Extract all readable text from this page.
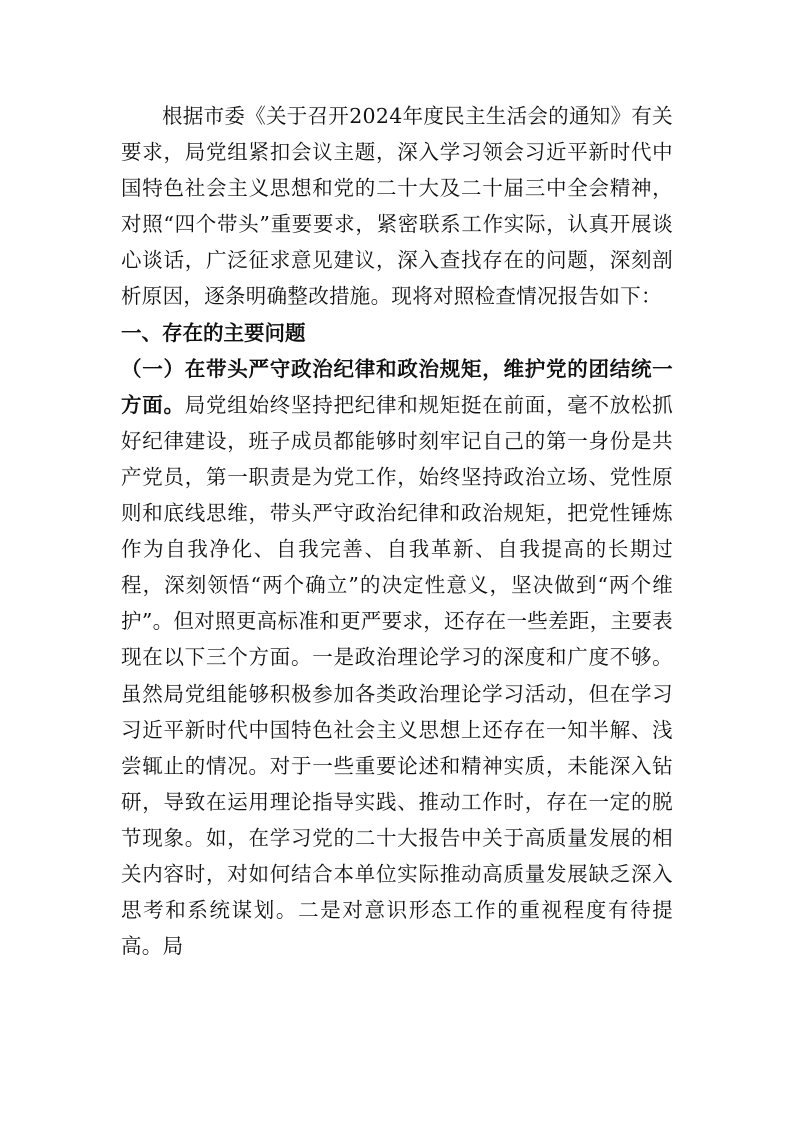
根据市委《关于召开2024年度民主生活会的通知》有关要求，局党组紧扣会议主题，深入学习领会习近平新时代中国特色社会主义思想和党的二十大及二十届三中全会精神，对照“四个带头”重要要求，紧密联系工作实际，认真开展谈心谈话，广泛征求意见建议，深入查找存在的问题，深刻剖析原因，逐条明确整改措施。现将对照检查情况报告如下：

一、存在的主要问题

（一）在带头严守政治纪律和政治规矩，维护党的团结统一方面。局党组始终坚持把纪律和规矩挺在前面，毫不放松抓好纪律建设，班子成员都能够时刻牢记自己的第一身份是共产党员，第一职责是为党工作，始终坚持政治立场、党性原则和底线思维，带头严守政治纪律和政治规矩，把党性锤炼作为自我净化、自我完善、自我革新、自我提高的长期过程，深刻领悟“两个确立”的决定性意义，坚决做到“两个维护”。但对照更高标准和更严要求，还存在一些差距，主要表现在以下三个方面。一是政治理论学习的深度和广度不够。虽然局党组能够积极参加各类政治理论学习活动，但在学习习近平新时代中国特色社会主义思想上还存在一知半解、浅尝辄止的情况。对于一些重要论述和精神实质，未能深入钻研，导致在运用理论指导实践、推动工作时，存在一定的脱节现象。如，在学习党的二十大报告中关于高质量发展的相关内容时，对如何结合本单位实际推动高质量发展缺乏深入思考和系统谋划。二是对意识形态工作的重视程度有待提高。局
